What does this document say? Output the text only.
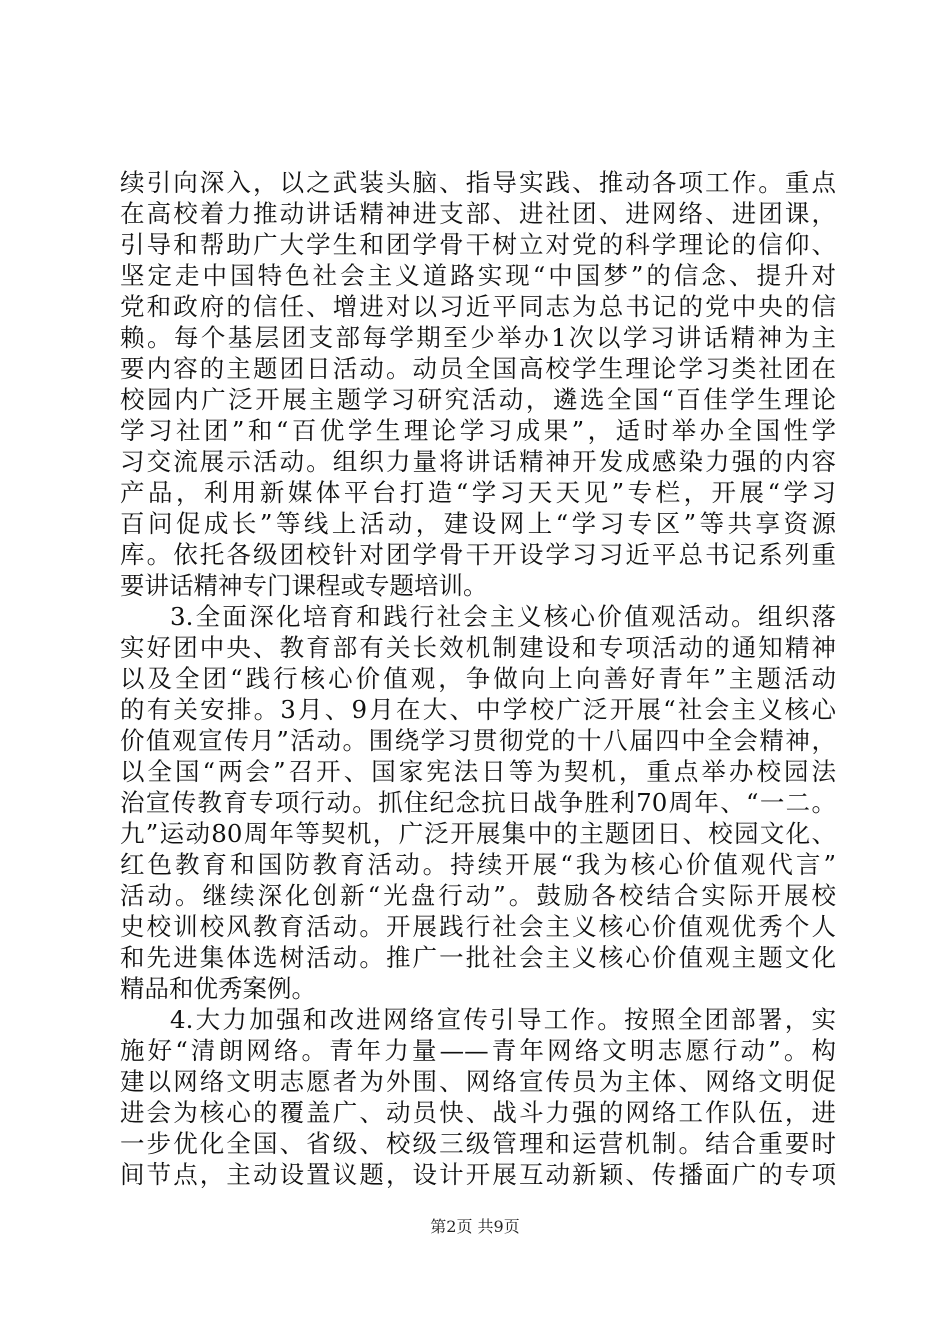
续引向深入，以之武装头脑、指导实践、推动各项工作。重点
在高校着力推动讲话精神进支部、进社团、进网络、进团课，
引导和帮助广大学生和团学骨干树立对党的科学理论的信仰、
坚定走中国特色社会主义道路实现“中国梦”的信念、提升对
党和政府的信任、增进对以习近平同志为总书记的党中央的信
赖。每个基层团支部每学期至少举办1次以学习讲话精神为主
要内容的主题团日活动。动员全国高校学生理论学习类社团在
校园内广泛开展主题学习研究活动，遴选全国“百佳学生理论
学习社团”和“百优学生理论学习成果”，适时举办全国性学
习交流展示活动。组织力量将讲话精神开发成感染力强的内容
产品，利用新媒体平台打造“学习天天见”专栏，开展“学习
百问促成长”等线上活动，建设网上“学习专区”等共享资源
库。依托各级团校针对团学骨干开设学习习近平总书记系列重
要讲话精神专门课程或专题培训。
3.全面深化培育和践行社会主义核心价值观活动。组织落
实好团中央、教育部有关长效机制建设和专项活动的通知精神
以及全团“践行核心价值观，争做向上向善好青年”主题活动
的有关安排。3月、9月在大、中学校广泛开展“社会主义核心
价值观宣传月”活动。围绕学习贯彻党的十八届四中全会精神，
以全国“两会”召开、国家宪法日等为契机，重点举办校园法
治宣传教育专项行动。抓住纪念抗日战争胜利70周年、“一二。
九”运动80周年等契机，广泛开展集中的主题团日、校园文化、
红色教育和国防教育活动。持续开展“我为核心价值观代言”
活动。继续深化创新“光盘行动”。鼓励各校结合实际开展校
史校训校风教育活动。开展践行社会主义核心价值观优秀个人
和先进集体选树活动。推广一批社会主义核心价值观主题文化
精品和优秀案例。
4.大力加强和改进网络宣传引导工作。按照全团部署，实
施好“清朗网络。青年力量——青年网络文明志愿行动”。构
建以网络文明志愿者为外围、网络宣传员为主体、网络文明促
进会为核心的覆盖广、动员快、战斗力强的网络工作队伍，进
一步优化全国、省级、校级三级管理和运营机制。结合重要时
间节点，主动设置议题，设计开展互动新颖、传播面广的专项
第2页 共9页
